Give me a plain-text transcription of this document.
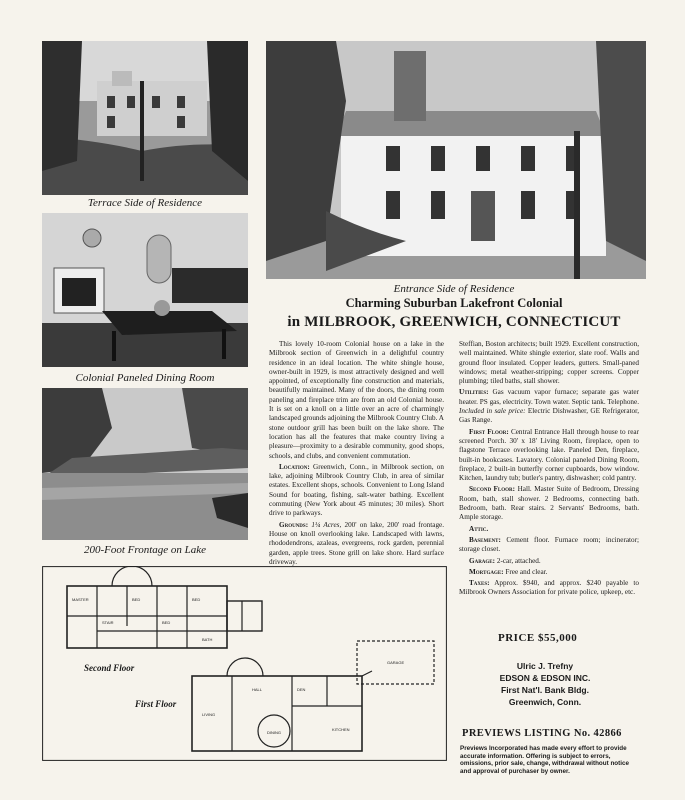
Terrace Side of Residence
Colonial Paneled Dining Room
200-Foot Frontage on Lake
Entrance Side of Residence
Charming Suburban Lakefront Colonial
in MILBROOK, GREENWICH, CONNECTICUT

This lovely 10-room Colonial house on a lake in the Milbrook section of Greenwich in a delightful country residence in an ideal location. The white shingle house, owner-built in 1929, is most attractively designed and well appointed, of exceptionally fine construction and materials, beautifully maintained. Many of the doors, the dining room paneling and fireplace trim are from an old Colonial house. It is set on a knoll on a little over an acre of charmingly landscaped grounds adjoining the Milbrook Country Club. A stone outdoor grill has been built on the lake shore. The location has all the features that make country living a pleasure—proximity to a desirable community, good shops, schools, and clubs, and convenient commutation.

Location: Greenwich, Conn., in Milbrook section, on lake, adjoining Milbrook Country Club, in area of similar estates. Excellent shops, schools. Convenient to Long Island Sound for boating, fishing, salt-water bathing. Excellent commuting (New York about 45 minutes; 30 miles). Short drive to parkways.

Grounds: 1¼ Acres, 200' on lake, 200' road frontage. House on knoll overlooking lake. Landscaped with lawns, rhododendrons, azaleas, evergreens, rock garden, perennial garden, apple trees. Stone grill on lake shore. Hard surface driveway.

Steffian, Boston architects; built 1929. Excellent construction, well maintained. White shingle exterior, slate roof. Walls and ground floor insulated. Copper leaders, gutters. Small-paned windows; metal weather-stripping; copper screens. Copper plumbing; tiled baths, stall shower.

Utilities: Gas vacuum vapor furnace; separate gas water heater. PS gas, electricity. Town water. Septic tank. Telephone. Included in sale price: Electric Dishwasher, GE Refrigerator, Gas Range.

First Floor: Central Entrance Hall through house to rear screened Porch. 30' x 18' Living Room, fireplace, open to flagstone Terrace overlooking lake. Paneled Den, fireplace, built-in bookcases. Lavatory. Colonial paneled Dining Room, fireplace, 2 built-in butterfly corner cupboards, bow window. Kitchen, laundry tub; butler's pantry, dishwasher; cold pantry.

Second Floor: Hall. Master Suite of Bedroom, Dressing Room, bath, stall shower. 2 Bedrooms, connecting bath. Bedroom, bath. Rear stairs. 2 Servants' Bedrooms, bath. Ample storage.

Attic.

Basement: Cement floor. Furnace room; incinerator; storage closet.

Garage: 2-car, attached.

Mortgage: Free and clear.

Taxes: Approx. $940, and approx. $240 payable to Milbrook Owners Association for private police, upkeep, etc.

MASTER	BED	BED
STAIR	BED
BATH
LIVING
HALL	DEN
DINING
KITCHEN
GARAGE
Second Floor
First Floor
PRICE $55,000
Ulric J. Trefny
EDSON & EDSON INC.
First Nat'l. Bank Bldg.
Greenwich, Conn.
PREVIEWS LISTING No. 42866
Previews Incorporated has made every effort to provide accurate information. Offering is subject to errors, omissions, prior sale, change, withdrawal without notice and approval of purchaser by owner.
